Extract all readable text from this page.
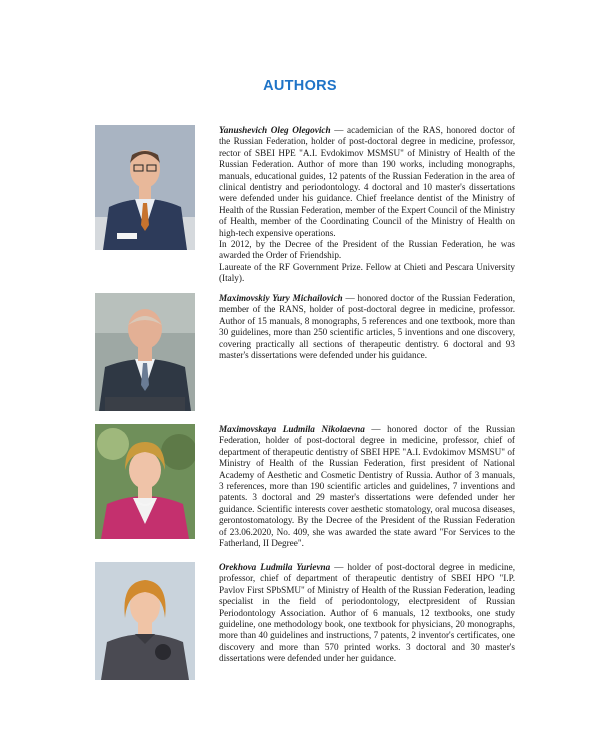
AUTHORS

Yanushevich Oleg Olegovich — academician of the RAS, honored doctor of the Russian Federation, holder of post-doctoral degree in medicine, professor, rector of SBEI HPE "A.I. Evdokimov MSMSU" of Ministry of Health of the Russian Federation. Author of more than 190 works, including monographs, manuals, educational guides, 12 patents of the Russian Federation in the area of clinical dentistry and periodontology. 4 doctoral and 10 master's dissertations were defended under his guidance. Chief freelance dentist of the Ministry of Health of the Russian Federation, member of the Expert Council of the Ministry of Health, member of the Coordinating Council of the Ministry of Health on high-tech expensive operations.

In 2012, by the Decree of the President of the Russian Federation, he was awarded the Order of Friendship.

Laureate of the RF Government Prize. Fellow at Chieti and Pescara University (Italy).

Maximovskiy Yury Michailovich — honored doctor of the Russian Federation, member of the RANS, holder of post-doctoral degree in medicine, professor. Author of 15 manuals, 8 monographs, 5 references and one textbook, more than 30 guidelines, more than 250 scientific articles, 5 inventions and one discovery, covering practically all sections of therapeutic dentistry. 6 doctoral and 93 master's dissertations were defended under his guidance.

Maximovskaya Ludmila Nikolaevna — honored doctor of the Russian Federation, holder of post-doctoral degree in medicine, professor, chief of department of therapeutic dentistry of SBEI HPE "A.I. Evdokimov MSMSU" of Ministry of Health of the Russian Federation, first president of National Academy of Aesthetic and Cosmetic Dentistry of Russia. Author of 3 manuals, 3 references, more than 190 scientific articles and guidelines, 7 inventions and patents. 3 doctoral and 29 master's dissertations were defended under her guidance. Scientific interests cover aesthetic stomatology, oral mucosa diseases, gerontostomatology. By the Decree of the President of the Russian Federation of 23.06.2020, No. 409, she was awarded the state award "For Services to the Fatherland, II Degree".

Orekhova Ludmila Yurievna — holder of post-doctoral degree in medicine, professor, chief of department of therapeutic dentistry of SBEI HPO "I.P. Pavlov First SPbSMU" of Ministry of Health of the Russian Federation, leading specialist in the field of periodontology, electpresident of Russian Periodontology Association. Author of 6 manuals, 12 textbooks, one study guideline, one methodology book, one textbook for physicians, 20 monographs, more than 40 guidelines and instructions, 7 patents, 2 inventor's certificates, one discovery and more than 570 printed works. 3 doctoral and 30 master's dissertations were defended under her guidance.
